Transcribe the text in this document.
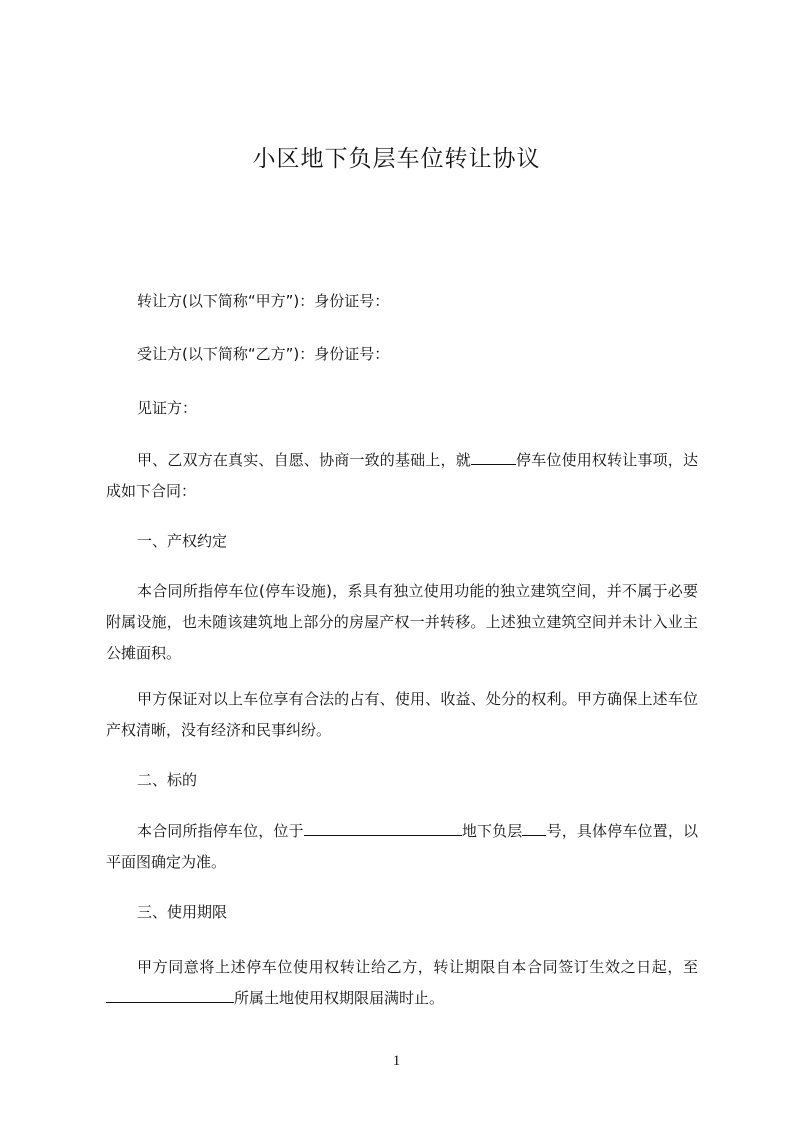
小区地下负层车位转让协议
转让方(以下简称“甲方”)：身份证号：
受让方(以下简称“乙方”)：身份证号：
见证方：
甲、乙双方在真实、自愿、协商一致的基础上，就	停车位使用权转让事项，达成如下合同：
一、产权约定
本合同所指停车位(停车设施)，系具有独立使用功能的独立建筑空间，并不属于必要附属设施，也未随该建筑地上部分的房屋产权一并转移。上述独立建筑空间并未计入业主公摊面积。
甲方保证对以上车位享有合法的占有、使用、收益、处分的权利。甲方确保上述车位产权清晰，没有经济和民事纠纷。
二、标的
本合同所指停车位，位于	地下负层 号，具体停车位置，以平面图确定为准。
三、使用期限
甲方同意将上述停车位使用权转让给乙方，转让期限自本合同签订生效之日起，至所属土地使用权期限届满时止。
1
